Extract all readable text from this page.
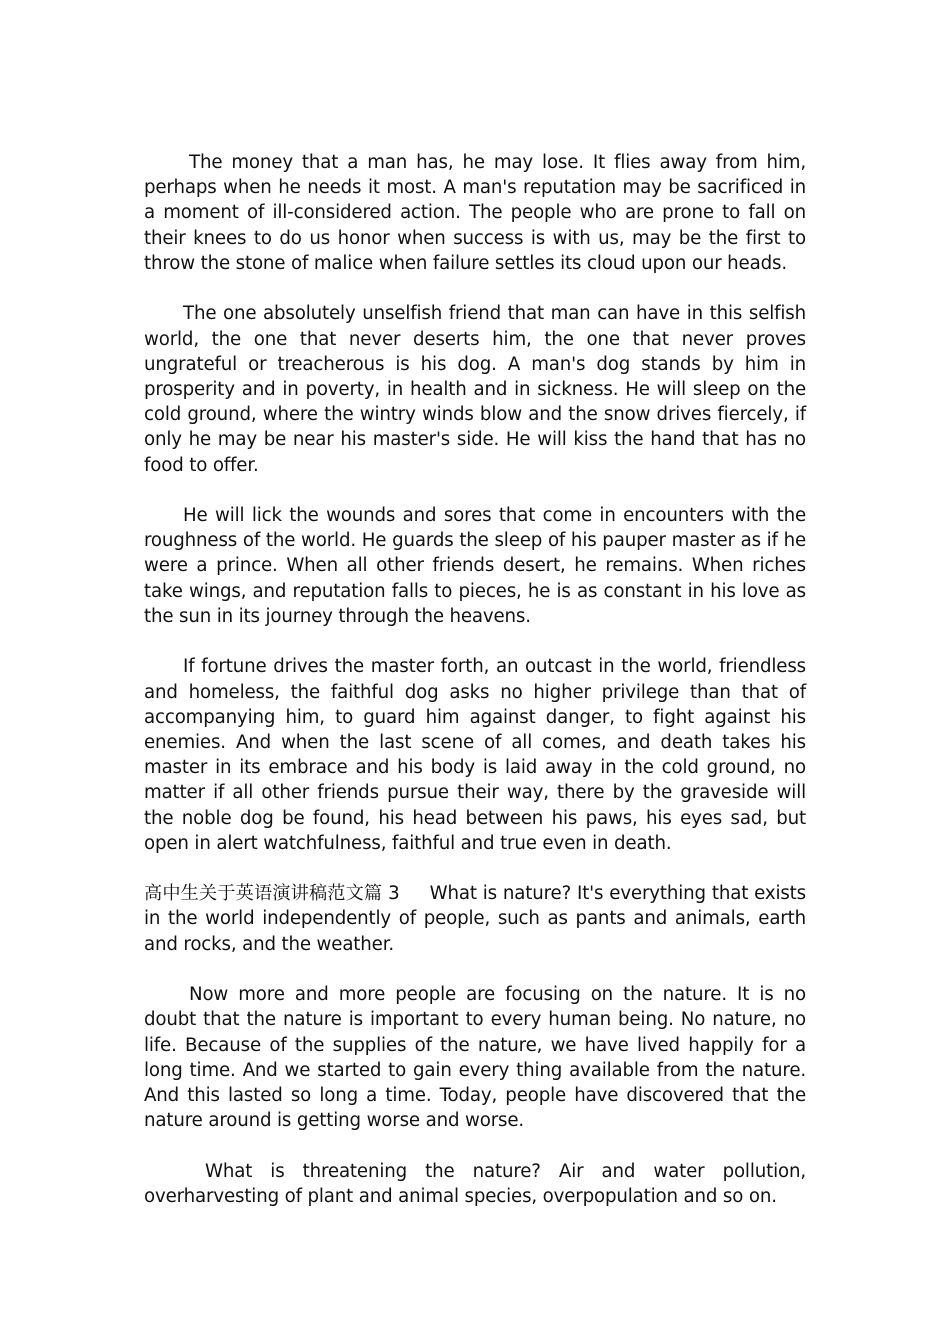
The money that a man has, he may lose. It flies away from him, perhaps when he needs it most. A man's reputation may be sacrificed in a moment of ill-considered action. The people who are prone to fall on their knees to do us honor when success is with us, may be the first to throw the stone of malice when failure settles its cloud upon our heads.

The one absolutely unselfish friend that man can have in this selfish world, the one that never deserts him, the one that never proves ungrateful or treacherous is his dog. A man's dog stands by him in prosperity and in poverty, in health and in sickness. He will sleep on the cold ground, where the wintry winds blow and the snow drives fiercely, if only he may be near his master's side. He will kiss the hand that has no food to offer.

He will lick the wounds and sores that come in encounters with the roughness of the world. He guards the sleep of his pauper master as if he were a prince. When all other friends desert, he remains. When riches take wings, and reputation falls to pieces, he is as constant in his love as the sun in its journey through the heavens.

If fortune drives the master forth, an outcast in the world, friendless and homeless, the faithful dog asks no higher privilege than that of accompanying him, to guard him against danger, to fight against his enemies. And when the last scene of all comes, and death takes his master in its embrace and his body is laid away in the cold ground, no matter if all other friends pursue their way, there by the graveside will the noble dog be found, his head between his paws, his eyes sad, but open in alert watchfulness, faithful and true even in death.

高中生关于英语演讲稿范文篇 3 What is nature? It's everything that exists in the world independently of people, such as pants and animals, earth and rocks, and the weather.

Now more and more people are focusing on the nature. It is no doubt that the nature is important to every human being. No nature, no life. Because of the supplies of the nature, we have lived happily for a long time. And we started to gain every thing available from the nature. And this lasted so long a time. Today, people have discovered that the nature around is getting worse and worse.

What is threatening the nature? Air and water pollution, overharvesting of plant and animal species, overpopulation and so on.
